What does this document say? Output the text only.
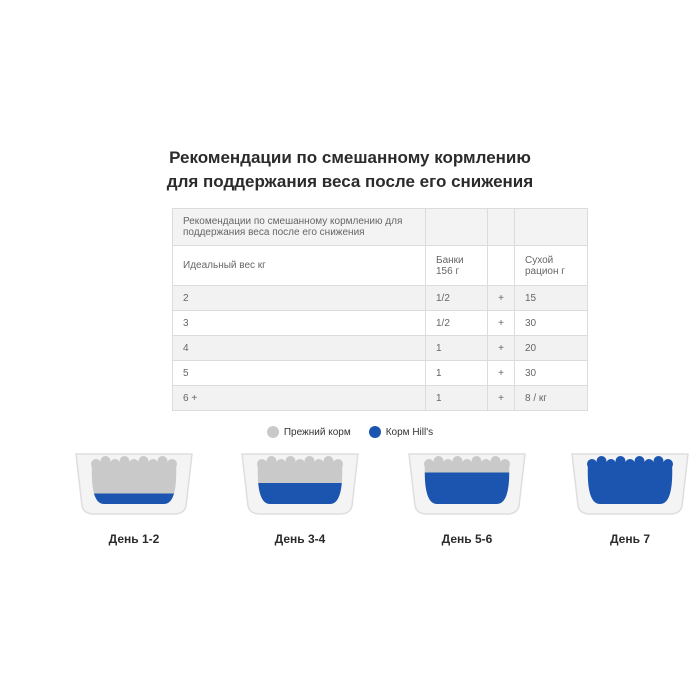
Рекомендации по смешанному кормлению
для поддержания веса после его снижения
Рекомендации по смешанному кормлению для поддержания веса после его снижения			
Идеальный вес кг	Банки 156 г		Сухой рацион г
2	1/2	+	15
3	1/2	+	30
4	1	+	20
5	1	+	30
6 +	1	+	8 / кг
Прежний корм	Корм Hill's
День 1-2	День 3-4	День 5-6	День 7
